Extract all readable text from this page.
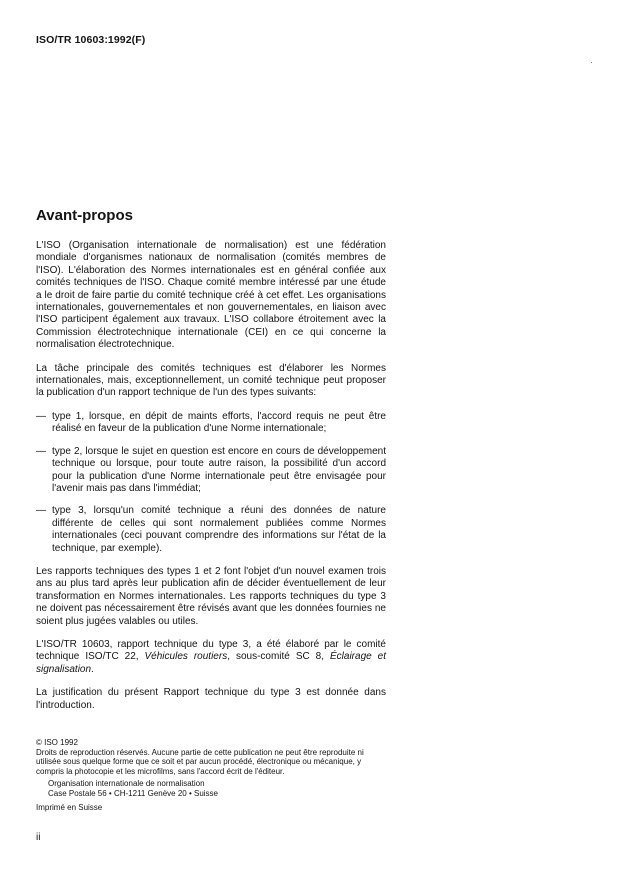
ISO/TR 10603:1992(F)
Avant-propos

L'ISO (Organisation internationale de normalisation) est une fédération mondiale d'organismes nationaux de normalisation (comités membres de l'ISO). L'élaboration des Normes internationales est en général confiée aux comités techniques de l'ISO. Chaque comité membre intéressé par une étude a le droit de faire partie du comité technique créé à cet effet. Les organisations internationales, gouvernementales et non gouvernementales, en liaison avec l'ISO participent également aux travaux. L'ISO collabore étroitement avec la Commission électrotechnique internationale (CEI) en ce qui concerne la normalisation électrotechnique.

La tâche principale des comités techniques est d'élaborer les Normes internationales, mais, exceptionnellement, un comité technique peut proposer la publication d'un rapport technique de l'un des types suivants:

— type 1, lorsque, en dépit de maints efforts, l'accord requis ne peut être réalisé en faveur de la publication d'une Norme internationale;
— type 2, lorsque le sujet en question est encore en cours de développement technique ou lorsque, pour toute autre raison, la possibilité d'un accord pour la publication d'une Norme internationale peut être envisagée pour l'avenir mais pas dans l'immédiat;
— type 3, lorsqu'un comité technique a réuni des données de nature différente de celles qui sont normalement publiées comme Normes internationales (ceci pouvant comprendre des informations sur l'état de la technique, par exemple).

Les rapports techniques des types 1 et 2 font l'objet d'un nouvel examen trois ans au plus tard après leur publication afin de décider éventuellement de leur transformation en Normes internationales. Les rapports techniques du type 3 ne doivent pas nécessairement être révisés avant que les données fournies ne soient plus jugées valables ou utiles.

L'ISO/TR 10603, rapport technique du type 3, a été élaboré par le comité technique ISO/TC 22, Véhicules routiers, sous-comité SC 8, Éclairage et signalisation.

La justification du présent Rapport technique du type 3 est donnée dans l'introduction.

© ISO 1992

Droits de reproduction réservés. Aucune partie de cette publication ne peut être reproduite ni utilisée sous quelque forme que ce soit et par aucun procédé, électronique ou mécanique, y compris la photocopie et les microfilms, sans l'accord écrit de l'éditeur.

Organisation internationale de normalisation

Case Postale 56 • CH-1211 Genève 20 • Suisse

Imprimé en Suisse

ii
